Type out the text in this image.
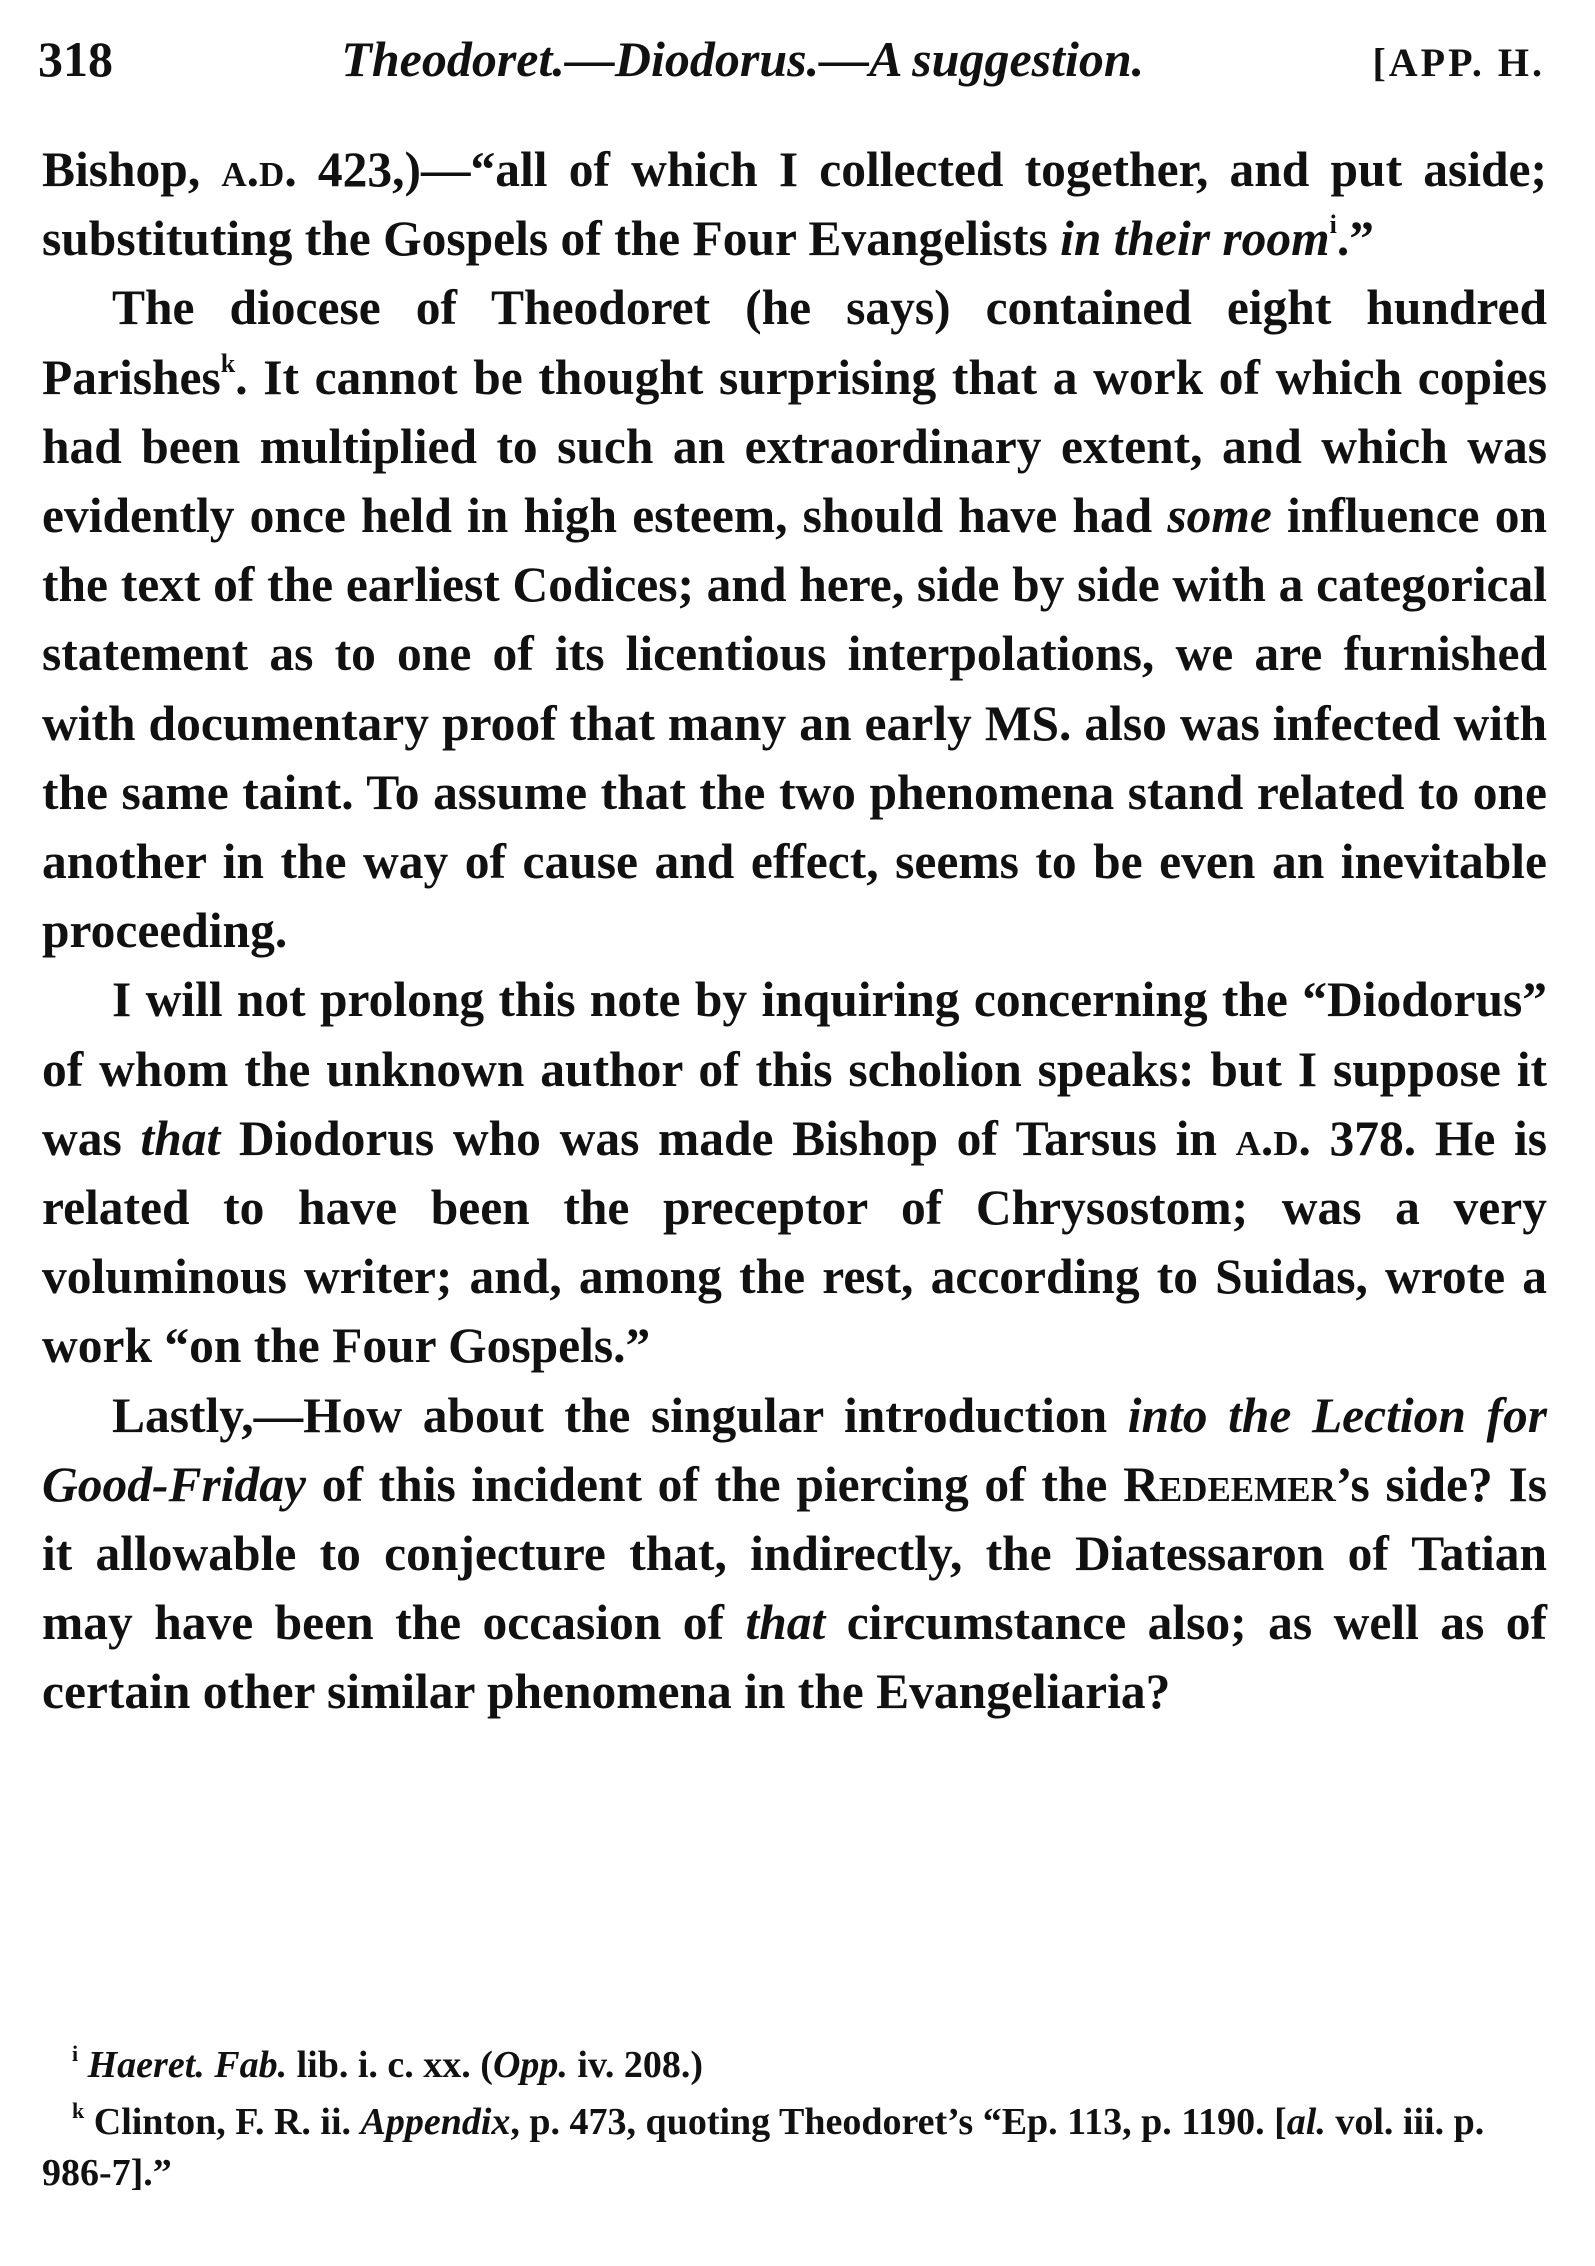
318	Theodoret.—Diodorus.—A suggestion.	[APP. H.

Bishop, a.d. 423,)—“all of which I collected together, and put aside; substituting the Gospels of the Four Evangelists in their room$^i$.”

The diocese of Theodoret (he says) contained eight hundred Parishes$^k$. It cannot be thought surprising that a work of which copies had been multiplied to such an extraordinary extent, and which was evidently once held in high esteem, should have had some influence on the text of the earliest Codices; and here, side by side with a categorical statement as to one of its licentious interpolations, we are furnished with documentary proof that many an early MS. also was infected with the same taint. To assume that the two phenomena stand related to one another in the way of cause and effect, seems to be even an inevitable proceeding.

I will not prolong this note by inquiring concerning the “Diodorus” of whom the unknown author of this scholion speaks: but I suppose it was that Diodorus who was made Bishop of Tarsus in a.d. 378. He is related to have been the preceptor of Chrysostom; was a very voluminous writer; and, among the rest, according to Suidas, wrote a work “on the Four Gospels.”

Lastly,—How about the singular introduction into the Lection for Good-Friday of this incident of the piercing of the Redeemer’s side? Is it allowable to conjecture that, indirectly, the Diatessaron of Tatian may have been the occasion of that circumstance also; as well as of certain other similar phenomena in the Evangeliaria?

$^i$ Haeret. Fab. lib. i. c. xx. (Opp. iv. 208.)

$^k$ Clinton, F. R. ii. Appendix, p. 473, quoting Theodoret’s “Ep. 113, p. 1190. [al. vol. iii. p. 986-7].”
